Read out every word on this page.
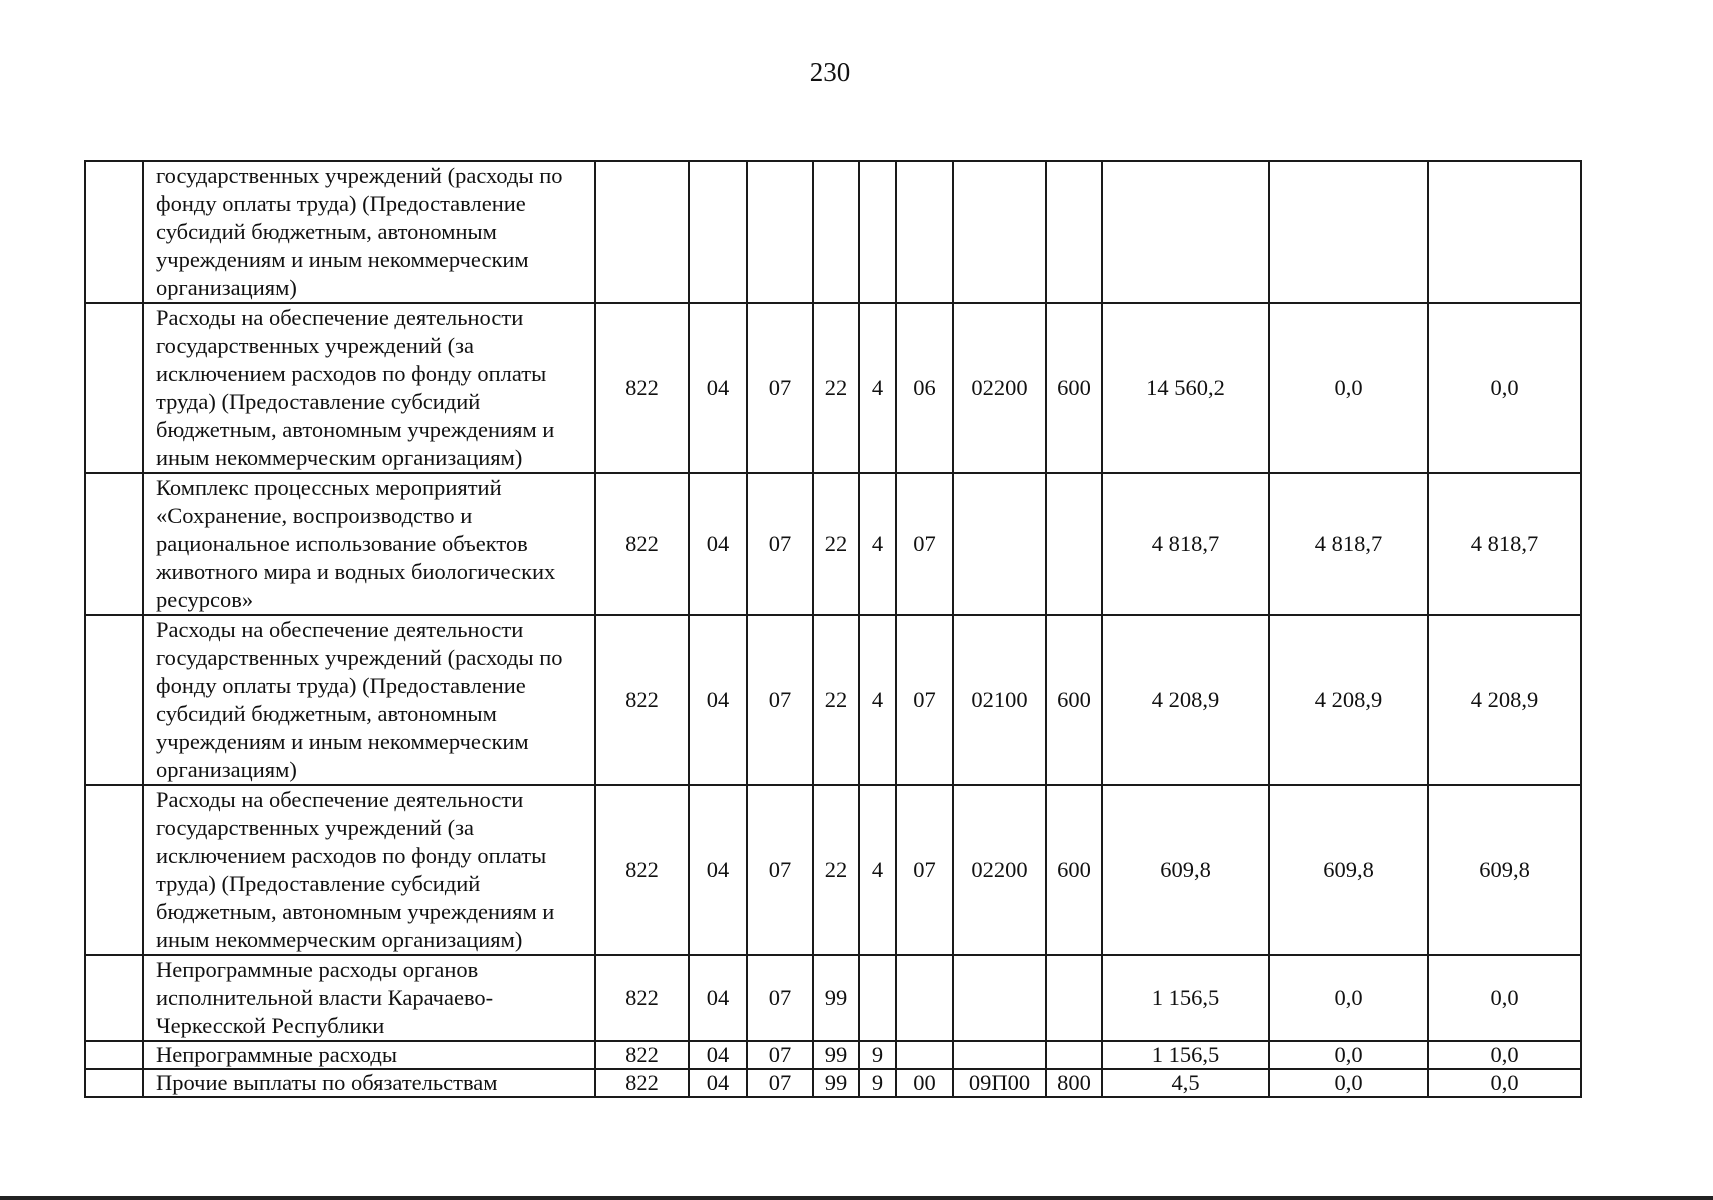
230
	государственных учреждений (расходы по фонду оплаты труда) (Предоставление субсидий бюджетным, автономным учреждениям и иным некоммерческим организациям)											
	Расходы на обеспечение деятельности государственных учреждений (за исключением расходов по фонду оплаты труда) (Предоставление субсидий бюджетным, автономным учреждениям и иным некоммерческим организациям)	822	04	07	22	4	06	02200	600	14 560,2	0,0	0,0
	Комплекс процессных мероприятий «Сохранение, воспроизводство и рациональное использование объектов животного мира и водных биологических ресурсов»	822	04	07	22	4	07			4 818,7	4 818,7	4 818,7
	Расходы на обеспечение деятельности государственных учреждений (расходы по фонду оплаты труда) (Предоставление субсидий бюджетным, автономным учреждениям и иным некоммерческим организациям)	822	04	07	22	4	07	02100	600	4 208,9	4 208,9	4 208,9
	Расходы на обеспечение деятельности государственных учреждений (за исключением расходов по фонду оплаты труда) (Предоставление субсидий бюджетным, автономным учреждениям и иным некоммерческим организациям)	822	04	07	22	4	07	02200	600	609,8	609,8	609,8
	Непрограммные расходы органов исполнительной власти Карачаево-Черкесской Республики	822	04	07	99					1 156,5	0,0	0,0
	Непрограммные расходы	822	04	07	99	9				1 156,5	0,0	0,0
	Прочие выплаты по обязательствам	822	04	07	99	9	00	09П00	800	4,5	0,0	0,0
